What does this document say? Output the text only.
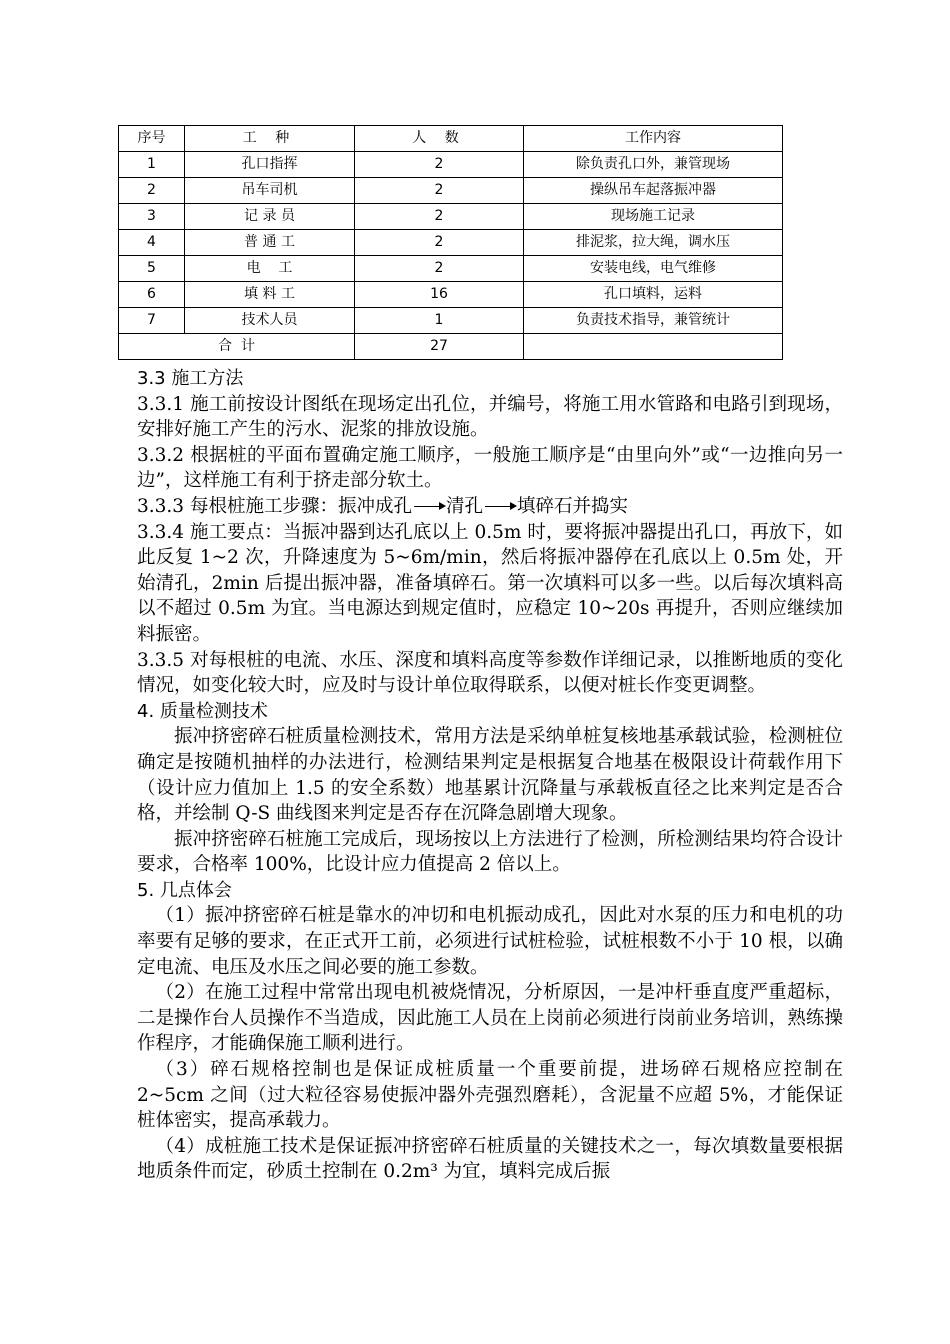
序号	工 种	人 数	工作内容
1	孔口指挥	2	除负责孔口外，兼管现场
2	吊车司机	2	操纵吊车起落振冲器
3	记 录 员	2	现场施工记录
4	普 通 工	2	排泥浆，拉大绳，调水压
5	电    工	2	安装电线，电气维修
6	填 料 工	16	孔口填料，运料
7	技术人员	1	负责技术指导，兼管统计
合  计		27	

3.3 施工方法

3.3.1 施工前按设计图纸在现场定出孔位，并编号，将施工用水管路和电路引到现场，安排好施工产生的污水、泥浆的排放设施。

3.3.2 根据桩的平面布置确定施工顺序，一般施工顺序是“由里向外”或“一边推向另一边”，这样施工有利于挤走部分软土。

3.3.3 每根桩施工步骤：振冲成孔 清孔 填碎石并捣实

3.3.4 施工要点：当振冲器到达孔底以上 0.5m 时，要将振冲器提出孔口，再放下，如此反复 1~2 次，升降速度为 5~6m/min，然后将振冲器停在孔底以上 0.5m 处，开始清孔，2min 后提出振冲器，准备填碎石。第一次填料可以多一些。以后每次填料高以不超过 0.5m 为宜。当电源达到规定值时，应稳定 10~20s 再提升，否则应继续加料振密。

3.3.5 对每根桩的电流、水压、深度和填料高度等参数作详细记录，以推断地质的变化情况，如变化较大时，应及时与设计单位取得联系，以便对桩长作变更调整。

4. 质量检测技术

振冲挤密碎石桩质量检测技术，常用方法是采纳单桩复核地基承载试验，检测桩位确定是按随机抽样的办法进行，检测结果判定是根据复合地基在极限设计荷载作用下（设计应力值加上 1.5 的安全系数）地基累计沉降量与承载板直径之比来判定是否合格，并绘制 Q-S 曲线图来判定是否存在沉降急剧增大现象。

振冲挤密碎石桩施工完成后，现场按以上方法进行了检测，所检测结果均符合设计要求，合格率 100%，比设计应力值提高 2 倍以上。

5. 几点体会

（1）振冲挤密碎石桩是靠水的冲切和电机振动成孔，因此对水泵的压力和电机的功率要有足够的要求，在正式开工前，必须进行试桩检验，试桩根数不小于 10 根，以确定电流、电压及水压之间必要的施工参数。

（2）在施工过程中常常出现电机被烧情况，分析原因，一是冲杆垂直度严重超标，二是操作台人员操作不当造成，因此施工人员在上岗前必须进行岗前业务培训，熟练操作程序，才能确保施工顺利进行。

（3）碎石规格控制也是保证成桩质量一个重要前提，进场碎石规格应控制在 2~5cm 之间（过大粒径容易使振冲器外壳强烈磨耗），含泥量不应超 5%，才能保证桩体密实，提高承载力。

（4）成桩施工技术是保证振冲挤密碎石桩质量的关键技术之一，每次填数量要根据地质条件而定，砂质土控制在 0.2m³ 为宜，填料完成后振
